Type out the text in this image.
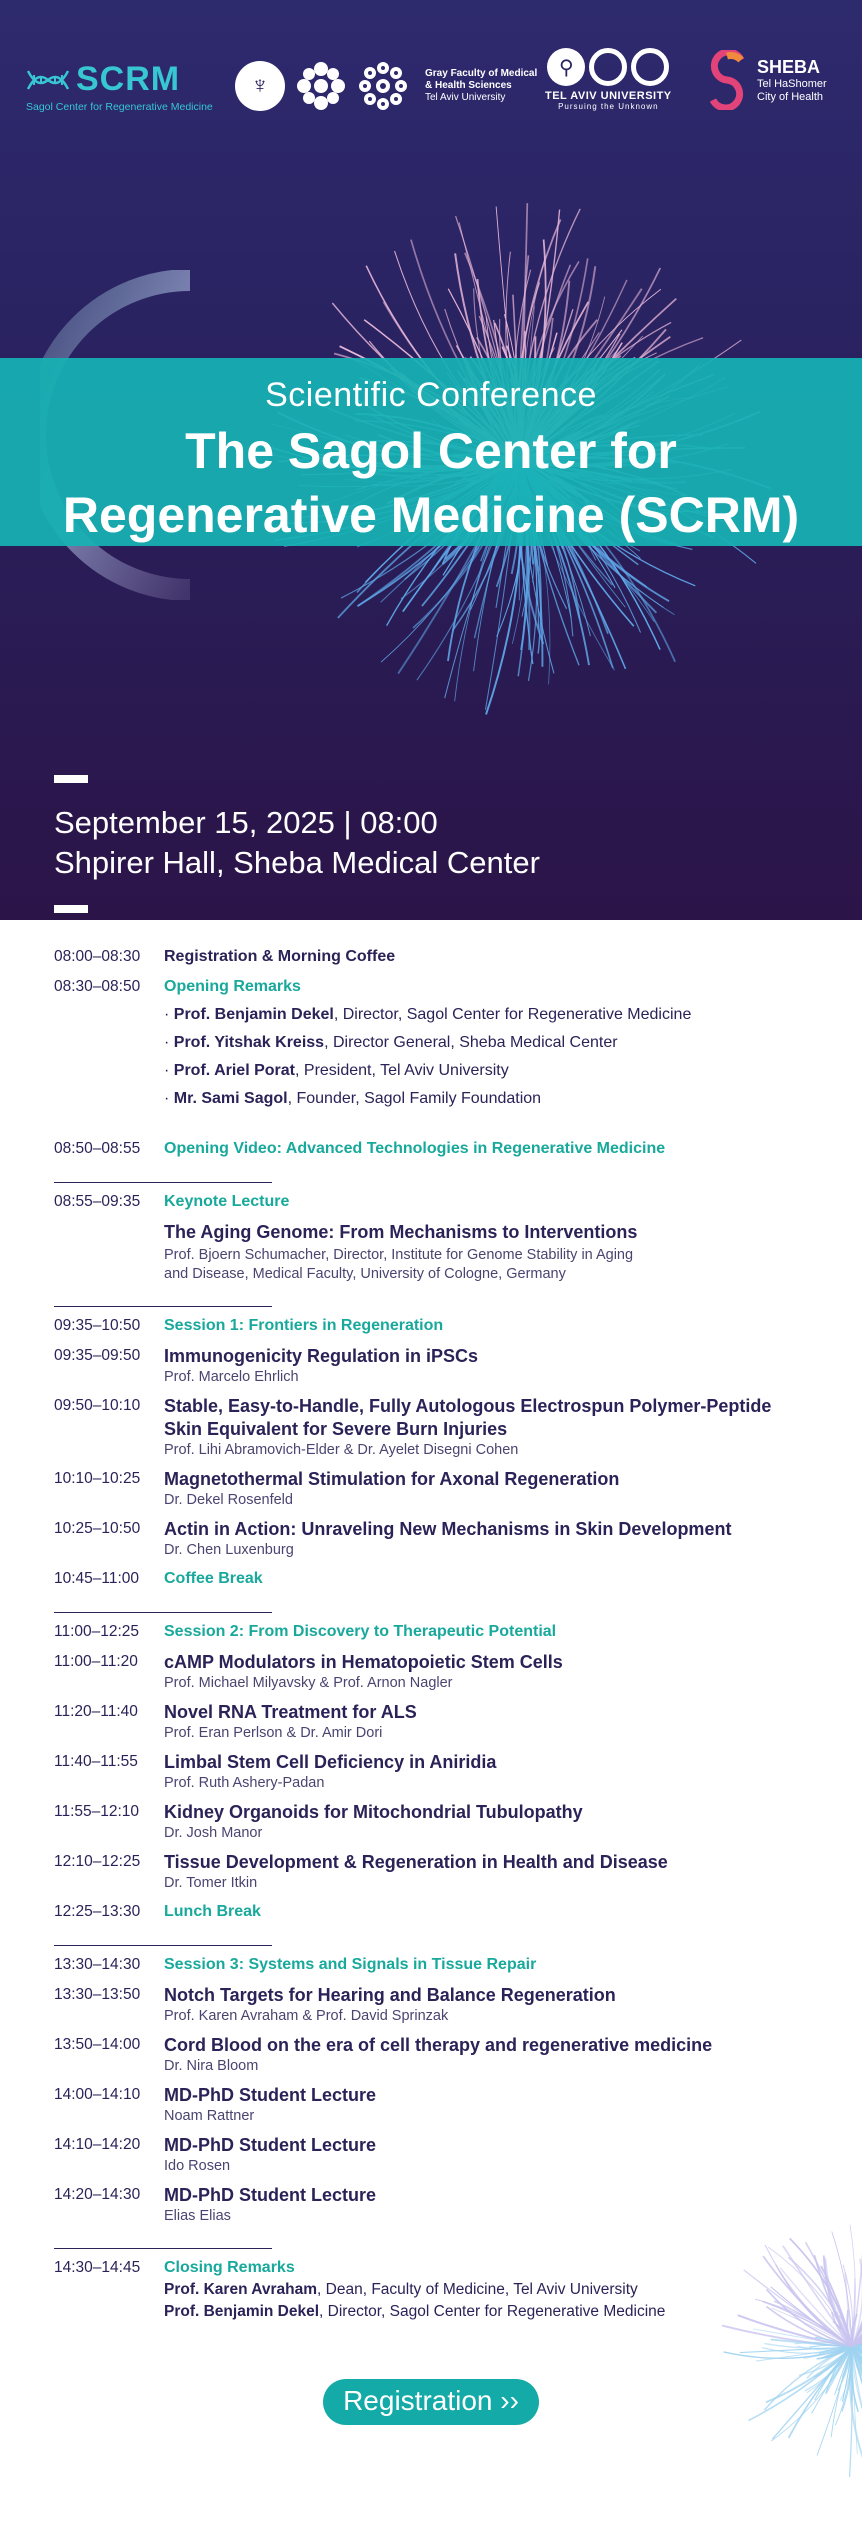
SCRM
Sagol Center for Regenerative Medicine
♆	Gray Faculty of Medical
& Health Sciences
Tel Aviv University
⚲
TEL AVIV UNIVERSITY
Pursuing the Unknown
SHEBA
Tel HaShomer
City of Health
Scientific Conference
The Sagol Center for
Regenerative Medicine (SCRM)
September 15, 2025 | 08:00
Shpirer Hall, Sheba Medical Center
08:00–08:30	Registration & Morning Coffee
08:30–08:50	Opening Remarks
· Prof. Benjamin Dekel, Director, Sagol Center for Regenerative Medicine
· Prof. Yitshak Kreiss, Director General, Sheba Medical Center
· Prof. Ariel Porat, President, Tel Aviv University
· Mr. Sami Sagol, Founder, Sagol Family Foundation
08:50–08:55	Opening Video: Advanced Technologies in Regenerative Medicine
08:55–09:35	Keynote Lecture
The Aging Genome: From Mechanisms to Interventions
Prof. Bjoern Schumacher, Director, Institute for Genome Stability in Aging
and Disease, Medical Faculty, University of Cologne, Germany
09:35–10:50	Session 1: Frontiers in Regeneration
09:35–09:50	Immunogenicity Regulation in iPSCs
Prof. Marcelo Ehrlich
09:50–10:10	Stable, Easy-to-Handle, Fully Autologous Electrospun Polymer-Peptide
Skin Equivalent for Severe Burn Injuries
Prof. Lihi Abramovich-Elder & Dr. Ayelet Disegni Cohen
10:10–10:25	Magnetothermal Stimulation for Axonal Regeneration
Dr. Dekel Rosenfeld
10:25–10:50	Actin in Action: Unraveling New Mechanisms in Skin Development
Dr. Chen Luxenburg
10:45–11:00	Coffee Break
11:00–12:25	Session 2: From Discovery to Therapeutic Potential
11:00–11:20	cAMP Modulators in Hematopoietic Stem Cells
Prof. Michael Milyavsky & Prof. Arnon Nagler
11:20–11:40	Novel RNA Treatment for ALS
Prof. Eran Perlson & Dr. Amir Dori
11:40–11:55	Limbal Stem Cell Deficiency in Aniridia
Prof. Ruth Ashery-Padan
11:55–12:10	Kidney Organoids for Mitochondrial Tubulopathy
Dr. Josh Manor
12:10–12:25	Tissue Development & Regeneration in Health and Disease
Dr. Tomer Itkin
12:25–13:30	Lunch Break
13:30–14:30	Session 3: Systems and Signals in Tissue Repair
13:30–13:50	Notch Targets for Hearing and Balance Regeneration
Prof. Karen Avraham & Prof. David Sprinzak
13:50–14:00	Cord Blood on the era of cell therapy and regenerative medicine
Dr. Nira Bloom
14:00–14:10	MD-PhD Student Lecture
Noam Rattner
14:10–14:20	MD-PhD Student Lecture
Ido Rosen
14:20–14:30	MD-PhD Student Lecture
Elias Elias
14:30–14:45	Closing Remarks
Prof. Karen Avraham, Dean, Faculty of Medicine, Tel Aviv University
Prof. Benjamin Dekel, Director, Sagol Center for Regenerative Medicine
Registration ››
